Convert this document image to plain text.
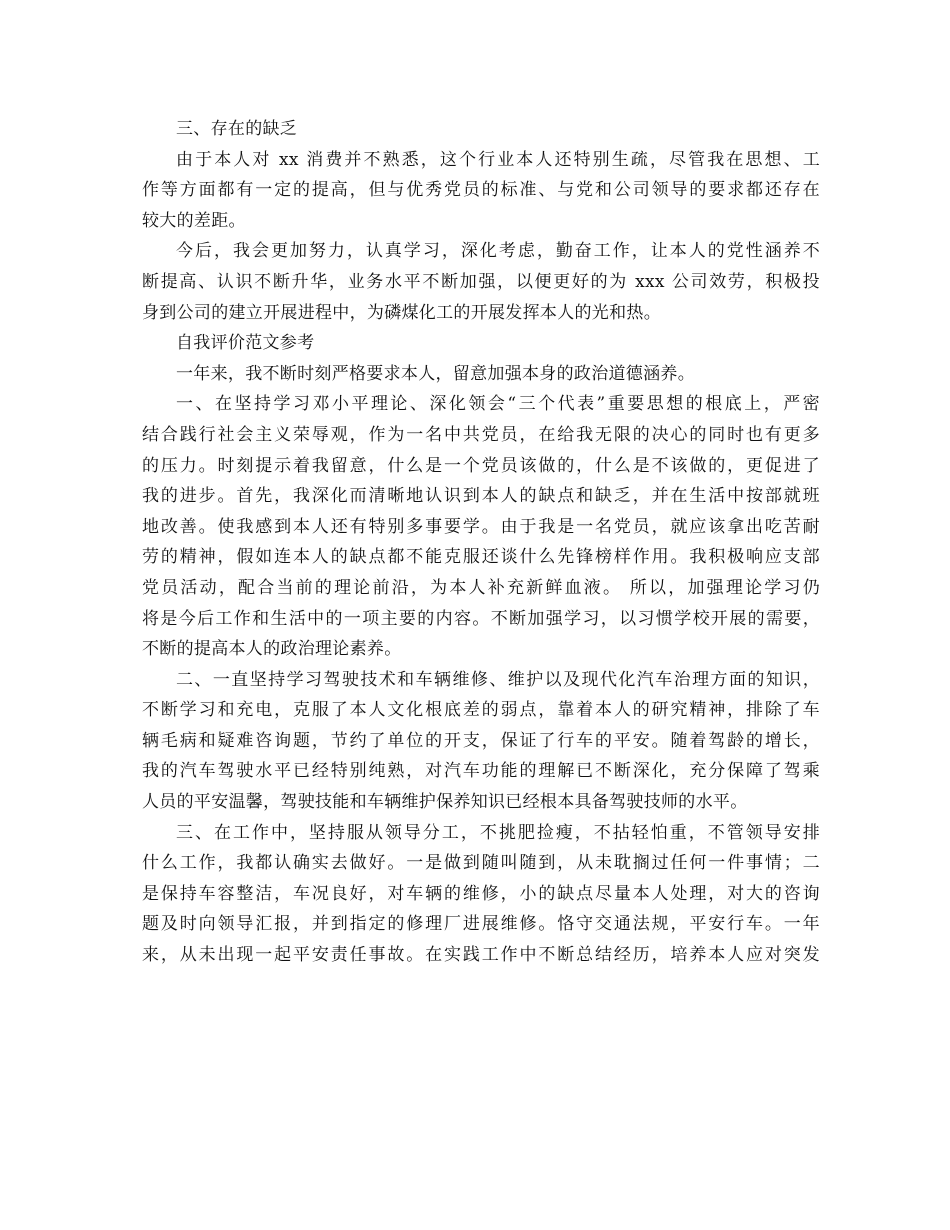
三、存在的缺乏
由于本人对 xx 消费并不熟悉，这个行业本人还特别生疏，尽管我在思想、工
作等方面都有一定的提高，但与优秀党员的标准、与党和公司领导的要求都还存在
较大的差距。
今后，我会更加努力，认真学习，深化考虑，勤奋工作，让本人的党性涵养不
断提高、认识不断升华，业务水平不断加强，以便更好的为 xxx 公司效劳，积极投
身到公司的建立开展进程中，为磷煤化工的开展发挥本人的光和热。
自我评价范文参考
一年来，我不断时刻严格要求本人，留意加强本身的政治道德涵养。
一、在坚持学习邓小平理论、深化领会“三个代表”重要思想的根底上，严密
结合践行社会主义荣辱观，作为一名中共党员，在给我无限的决心的同时也有更多
的压力。时刻提示着我留意，什么是一个党员该做的，什么是不该做的，更促进了
我的进步。首先，我深化而清晰地认识到本人的缺点和缺乏，并在生活中按部就班
地改善。使我感到本人还有特别多事要学。由于我是一名党员，就应该拿出吃苦耐
劳的精神，假如连本人的缺点都不能克服还谈什么先锋榜样作用。我积极响应支部
党员活动，配合当前的理论前沿，为本人补充新鲜血液。 所以，加强理论学习仍
将是今后工作和生活中的一项主要的内容。不断加强学习，以习惯学校开展的需要，
不断的提高本人的政治理论素养。
二、一直坚持学习驾驶技术和车辆维修、维护以及现代化汽车治理方面的知识，
不断学习和充电，克服了本人文化根底差的弱点，靠着本人的研究精神，排除了车
辆毛病和疑难咨询题，节约了单位的开支，保证了行车的平安。随着驾龄的增长，
我的汽车驾驶水平已经特别纯熟，对汽车功能的理解已不断深化，充分保障了驾乘
人员的平安温馨，驾驶技能和车辆维护保养知识已经根本具备驾驶技师的水平。
三、在工作中，坚持服从领导分工，不挑肥捡瘦，不拈轻怕重，不管领导安排
什么工作，我都认确实去做好。一是做到随叫随到，从未耽搁过任何一件事情；二
是保持车容整洁，车况良好，对车辆的维修，小的缺点尽量本人处理，对大的咨询
题及时向领导汇报，并到指定的修理厂进展维修。恪守交通法规，平安行车。一年
来，从未出现一起平安责任事故。在实践工作中不断总结经历，培养本人应对突发
